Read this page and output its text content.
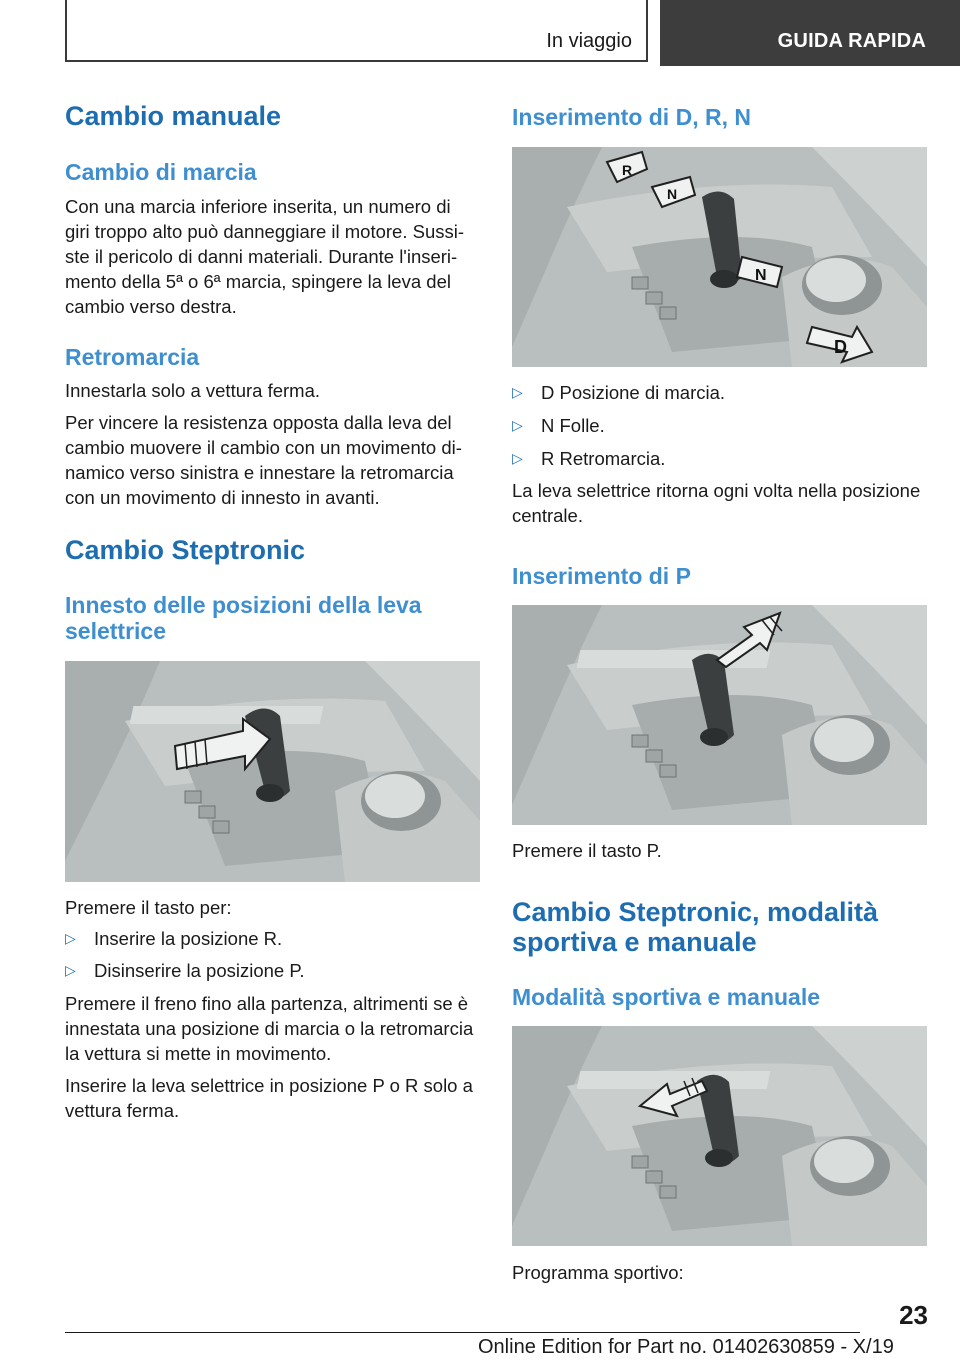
In viaggio	GUIDA RAPIDA
Cambio manuale
Cambio di marcia
Con una marcia inferiore inserita, un numero di
giri troppo alto può danneggiare il motore. Sussi‐
ste il pericolo di danni materiali. Durante l'inseri‐
mento della 5ª o 6ª marcia, spingere la leva del
cambio verso destra.
Retromarcia
Innestarla solo a vettura ferma.
Per vincere la resistenza opposta dalla leva del
cambio muovere il cambio con un movimento di‐
namico verso sinistra e innestare la retromarcia
con un movimento di innesto in avanti.
Cambio Steptronic
Innesto delle posizioni della leva
selettrice
Premere il tasto per:
▷ Inserire la posizione R.
▷ Disinserire la posizione P.
Premere il freno fino alla partenza, altrimenti se è
innestata una posizione di marcia o la retromarcia
la vettura si mette in movimento.
Inserire la leva selettrice in posizione P o R solo a
vettura ferma.
Inserimento di D, R, N
R
N
N
D
▷ D Posizione di marcia.
▷ N Folle.
▷ R Retromarcia.
La leva selettrice ritorna ogni volta nella posizione
centrale.
Inserimento di P
Premere il tasto P.
Cambio Steptronic, modalità
sportiva e manuale
Modalità sportiva e manuale
Programma sportivo:
23
Online Edition for Part no. 01402630859 - X/19
